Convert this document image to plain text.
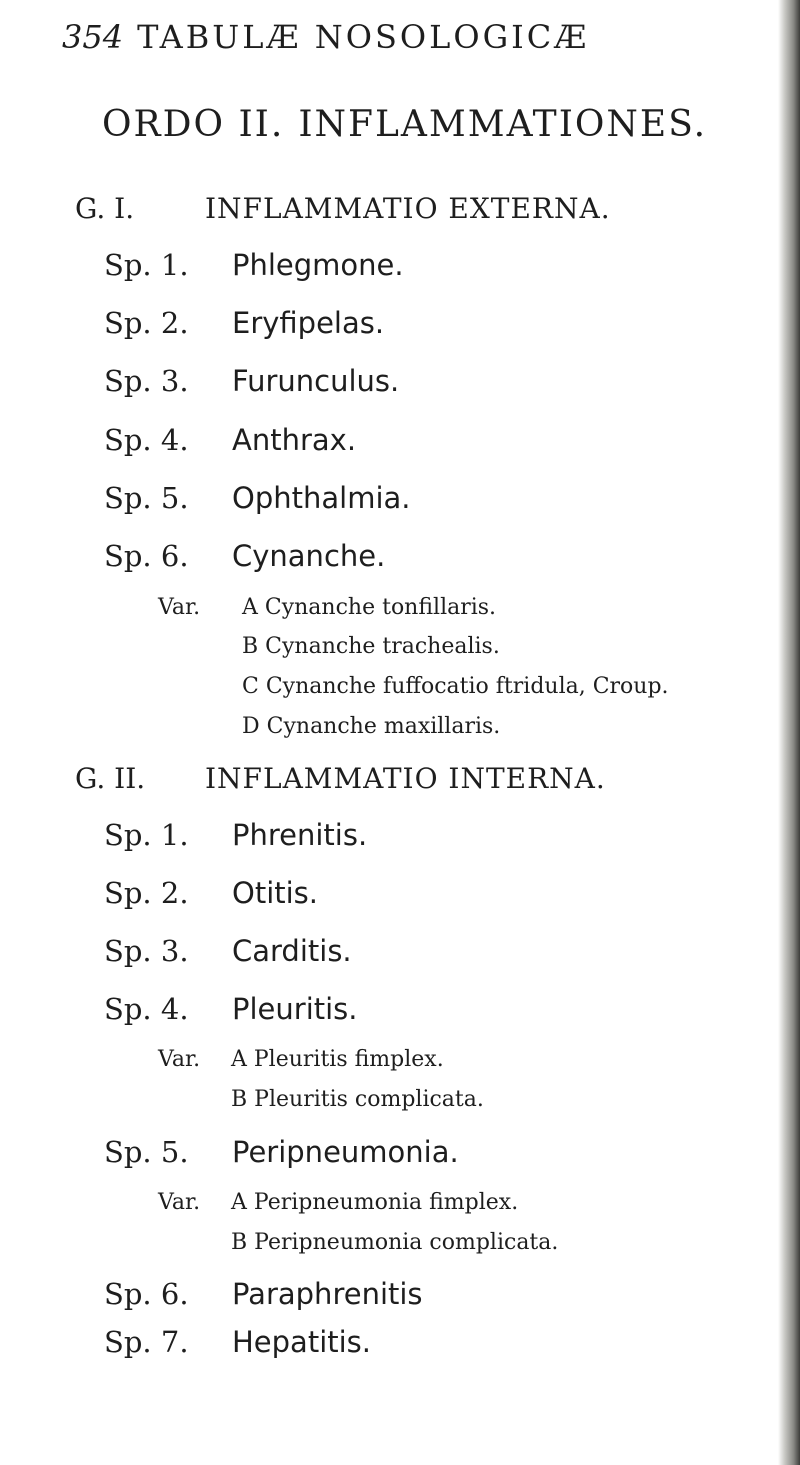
354 TABULÆ NOSOLOGICÆ
ORDO II. INFLAMMATIONES.
G. I.	INFLAMMATIO EXTERNA.
Sp. 1. Phlegmone.
Sp. 2. Eryfipelas.
Sp. 3. Furunculus.
Sp. 4. Anthrax.
Sp. 5. Ophthalmia.
Sp. 6. Cynanche.
Var. A Cynanche tonfillaris.
B Cynanche trachealis.
C Cynanche fuffocatio ftridula, Croup.
D Cynanche maxillaris.
G. II. INFLAMMATIO INTERNA.
Sp. 1. Phrenitis.
Sp. 2. Otitis.
Sp. 3. Carditis.
Sp. 4. Pleuritis.
Var. A Pleuritis fimplex.
B Pleuritis complicata.
Sp. 5. Peripneumonia.
Var. A Peripneumonia fimplex.
B Peripneumonia complicata.
Sp. 6. Paraphrenitis
Sp. 7. Hepatitis.
